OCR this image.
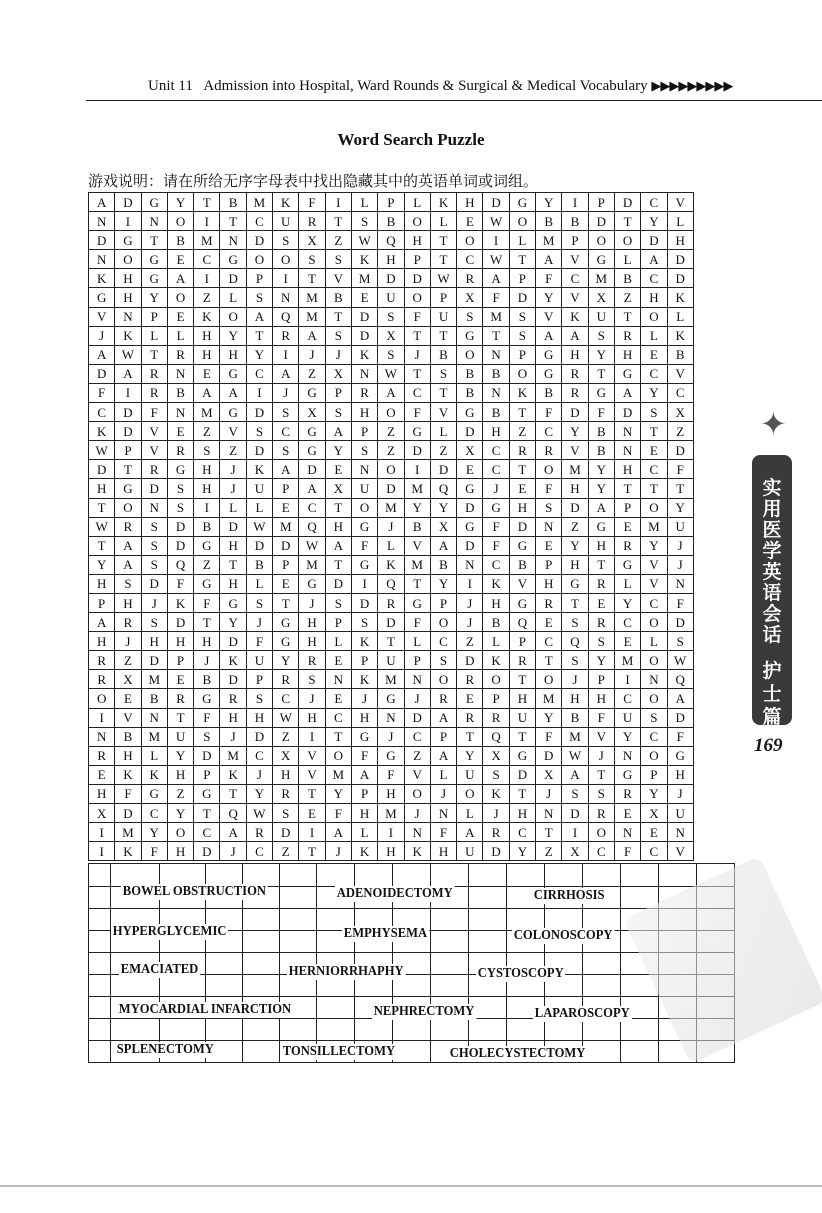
Unit 11 Admission into Hospital, Ward Rounds & Surgical & Medical Vocabulary ▶▶▶▶▶▶▶▶▶
Word Search Puzzle
游戏说明：请在所给无序字母表中找出隐藏其中的英语单词或词组。
A	D	G	Y	T	B	M	K	F	I	L	P	L	K	H	D	G	Y	I	P	D	C	V
N	I	N	O	I	T	C	U	R	T	S	B	O	L	E	W	O	B	B	D	T	Y	L
D	G	T	B	M	N	D	S	X	Z	W	Q	H	T	O	I	L	M	P	O	O	D	H
N	O	G	E	C	G	O	O	S	S	K	H	P	T	C	W	T	A	V	G	L	A	D
K	H	G	A	I	D	P	I	T	V	M	D	D	W	R	A	P	F	C	M	B	C	D
G	H	Y	O	Z	L	S	N	M	B	E	U	O	P	X	F	D	Y	V	X	Z	H	K
V	N	P	E	K	O	A	Q	M	T	D	S	F	U	S	M	S	V	K	U	T	O	L
J	K	L	L	H	Y	T	R	A	S	D	X	T	T	G	T	S	A	A	S	R	L	K
A	W	T	R	H	H	Y	I	J	J	K	S	J	B	O	N	P	G	H	Y	H	E	B
D	A	R	N	E	G	C	A	Z	X	N	W	T	S	B	B	O	G	R	T	G	C	V
F	I	R	B	A	A	I	J	G	P	R	A	C	T	B	N	K	B	R	G	A	Y	C
C	D	F	N	M	G	D	S	X	S	H	O	F	V	G	B	T	F	D	F	D	S	X
K	D	V	E	Z	V	S	C	G	A	P	Z	G	L	D	H	Z	C	Y	B	N	T	Z
W	P	V	R	S	Z	D	S	G	Y	S	Z	D	Z	X	C	R	R	V	B	N	E	D
D	T	R	G	H	J	K	A	D	E	N	O	I	D	E	C	T	O	M	Y	H	C	F
H	G	D	S	H	J	U	P	A	X	U	D	M	Q	G	J	E	F	H	Y	T	T	T
T	O	N	S	I	L	L	E	C	T	O	M	Y	Y	D	G	H	S	D	A	P	O	Y
W	R	S	D	B	D	W	M	Q	H	G	J	B	X	G	F	D	N	Z	G	E	M	U
T	A	S	D	G	H	D	D	W	A	F	L	V	A	D	F	G	E	Y	H	R	Y	J
Y	A	S	Q	Z	T	B	P	M	T	G	K	M	B	N	C	B	P	H	T	G	V	J
H	S	D	F	G	H	L	E	G	D	I	Q	T	Y	I	K	V	H	G	R	L	V	N
P	H	J	K	F	G	S	T	J	S	D	R	G	P	J	H	G	R	T	E	Y	C	F
A	R	S	D	T	Y	J	G	H	P	S	D	F	O	J	B	Q	E	S	R	C	O	D
H	J	H	H	H	D	F	G	H	L	K	T	L	C	Z	L	P	C	Q	S	E	L	S
R	Z	D	P	J	K	U	Y	R	E	P	U	P	S	D	K	R	T	S	Y	M	O	W
R	X	M	E	B	D	P	R	S	N	K	M	N	O	R	O	T	O	J	P	I	N	Q
O	E	B	R	G	R	S	C	J	E	J	G	J	R	E	P	H	M	H	H	C	O	A
I	V	N	T	F	H	H	W	H	C	H	N	D	A	R	R	U	Y	B	F	U	S	D
N	B	M	U	S	J	D	Z	I	T	G	J	C	P	T	Q	T	F	M	V	Y	C	F
R	H	L	Y	D	M	C	X	V	O	F	G	Z	A	Y	X	G	D	W	J	N	O	G
E	K	K	H	P	K	J	H	V	M	A	F	V	L	U	S	D	X	A	T	G	P	H
H	F	G	Z	G	T	Y	R	T	Y	P	H	O	J	O	K	T	J	S	S	R	Y	J
X	D	C	Y	T	Q	W	S	E	F	H	M	J	N	L	J	H	N	D	R	E	X	U
I	M	Y	O	C	A	R	D	I	A	L	I	N	F	A	R	C	T	I	O	N	E	N
I	K	F	H	D	J	C	Z	T	J	K	H	K	H	U	D	Y	Z	X	C	F	C	V
BOWEL OBSTRUCTION	ADENOIDECTOMY	CIRRHOSIS
HYPERGLYCEMIC	EMPHYSEMA	COLONOSCOPY
EMACIATED	HERNIORRHAPHY	CYSTOSCOPY
MYOCARDIAL INFARCTION	NEPHRECTOMY	LAPAROSCOPY
SPLENECTOMY	TONSILLECTOMY	CHOLECYSTECTOMY
✦
实
用
医
学
英
语
会
话
护
士
篇
169
